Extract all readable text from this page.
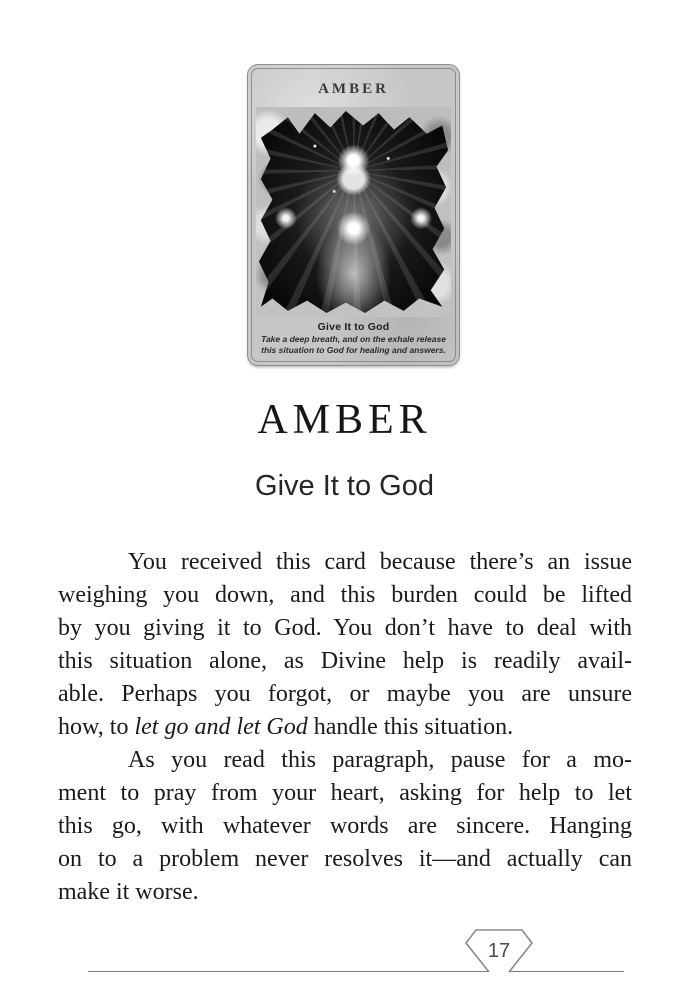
AMBER
Give It to God
Take a deep breath, and on the exhale release
this situation to God for healing and answers.
AMBER
Give It to God
You received this card because there’s an issue
weighing you down, and this burden could be lifted
by you giving it to God. You don’t have to deal with
this situation alone, as Divine help is readily avail-
able. Perhaps you forgot, or maybe you are unsure
how, to let go and let God handle this situation.
As you read this paragraph, pause for a mo-
ment to pray from your heart, asking for help to let
this go, with whatever words are sincere. Hanging
on to a problem never resolves it—and actually can
make it worse.
17
